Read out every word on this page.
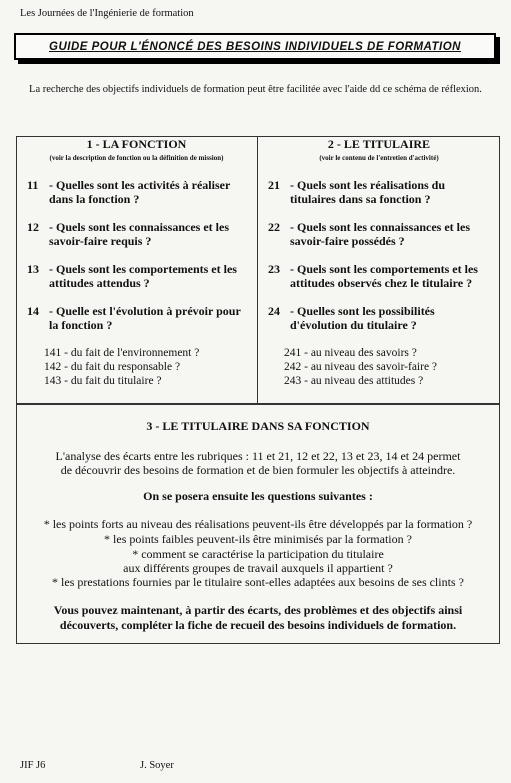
Les Journées de l'Ingénierie de formation
GUIDE POUR L'ÉNONCÉ DES BESOINS INDIVIDUELS DE FORMATION
La recherche des objectifs individuels de formation peut être facilitée avec l'aide dd ce schéma de réflexion.
1 - LA FONCTION
(voir la description de fonction ou la définition de mission)
11 - Quelles sont les activités à réaliser
dans la fonction ?
12 - Quels sont les connaissances et les
savoir-faire requis ?
13 - Quels sont les comportements et les
attitudes attendus ?
14 - Quelle est l'évolution à prévoir pour
la fonction ?
141 - du fait de l'environnement ?
142 - du fait du responsable ?
143 - du fait du titulaire ?
2 - LE TITULAIRE
(voir le contenu de l'entretien d'activité)
21 - Quels sont les réalisations du
titulaires dans sa fonction ?
22 - Quels sont les connaissances et les
savoir-faire possédés ?
23 - Quels sont les comportements et les
attitudes observés chez le titulaire ?
24 - Quelles sont les possibilités
d'évolution du titulaire ?
241 - au niveau des savoirs ?
242 - au niveau des savoir-faire ?
243 - au niveau des attitudes ?
3 - LE TITULAIRE DANS SA FONCTION
L'analyse des écarts entre les rubriques : 11 et 21, 12 et 22, 13 et 23, 14 et 24 permet
de découvrir des besoins de formation et de bien formuler les objectifs à atteindre.
On se posera ensuite les questions suivantes :
* les points forts au niveau des réalisations peuvent-ils être développés par la formation ?
* les points faibles peuvent-ils être minimisés par la formation ?
* comment se caractérise la participation du titulaire
aux différents groupes de travail auxquels il appartient ?
* les prestations fournies par le titulaire sont-elles adaptées aux besoins de ses clints ?
Vous pouvez maintenant, à partir des écarts, des problèmes et des objectifs ainsi
découverts, compléter la fiche de recueil des besoins individuels de formation.
JIF J6	J. Soyer
